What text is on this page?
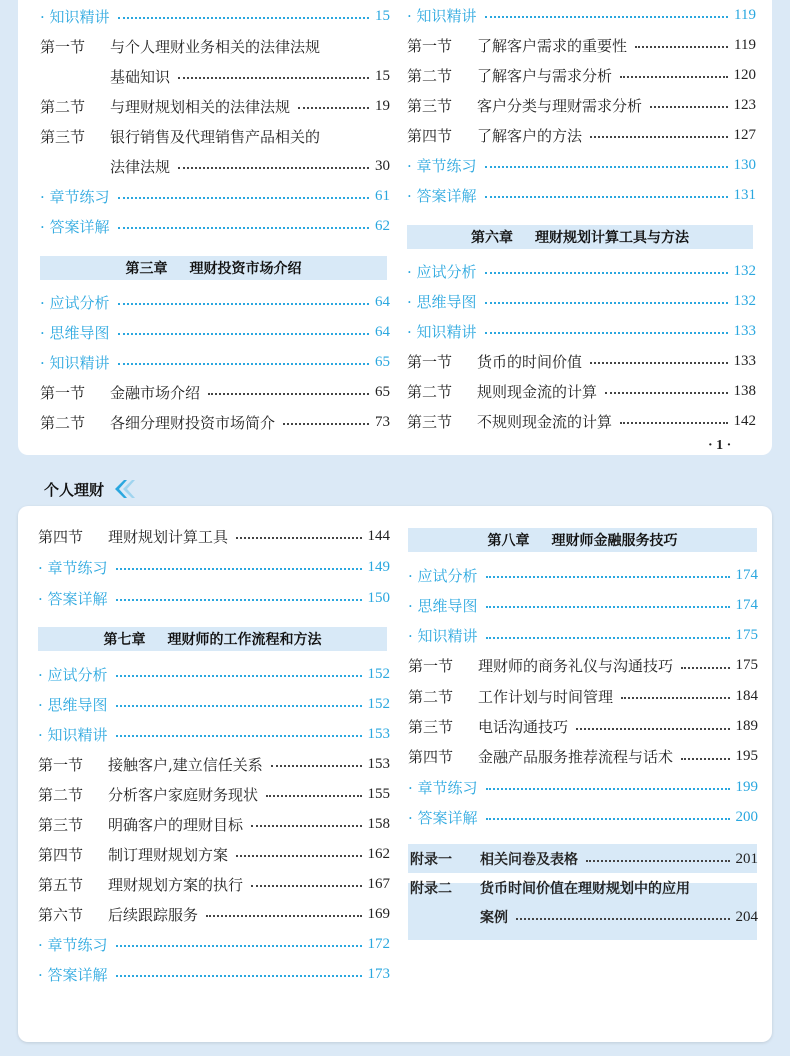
· 知识精讲	15
第一节	与个人理财业务相关的法律法规
基础知识	15
第二节	与理财规划相关的法律法规	19
第三节	银行销售及代理销售产品相关的
法律法规	30
· 章节练习	61
· 答案详解	62
第三章 理财投资市场介绍
· 应试分析	64
· 思维导图	64
· 知识精讲	65
第一节	金融市场介绍	65
第二节	各细分理财投资市场简介	73
· 知识精讲	119
第一节	了解客户需求的重要性	119
第二节	了解客户与需求分析	120
第三节	客户分类与理财需求分析	123
第四节	了解客户的方法	127
· 章节练习	130
· 答案详解	131
第六章 理财规划计算工具与方法
· 应试分析	132
· 思维导图	132
· 知识精讲	133
第一节	货币的时间价值	133
第二节	规则现金流的计算	138
第三节	不规则现金流的计算	142
· 1 ·
个人理财
第四节	理财规划计算工具	144
· 章节练习	149
· 答案详解	150
第七章 理财师的工作流程和方法
· 应试分析	152
· 思维导图	152
· 知识精讲	153
第一节	接触客户,建立信任关系	153
第二节	分析客户家庭财务现状	155
第三节	明确客户的理财目标	158
第四节	制订理财规划方案	162
第五节	理财规划方案的执行	167
第六节	后续跟踪服务	169
· 章节练习	172
· 答案详解	173
第八章 理财师金融服务技巧
· 应试分析	174
· 思维导图	174
· 知识精讲	175
第一节	理财师的商务礼仪与沟通技巧	175
第二节	工作计划与时间管理	184
第三节	电话沟通技巧	189
第四节	金融产品服务推荐流程与话术	195
· 章节练习	199
· 答案详解	200
附录一	相关问卷及表格	201
附录二	货币时间价值在理财规划中的应用
案例	204
